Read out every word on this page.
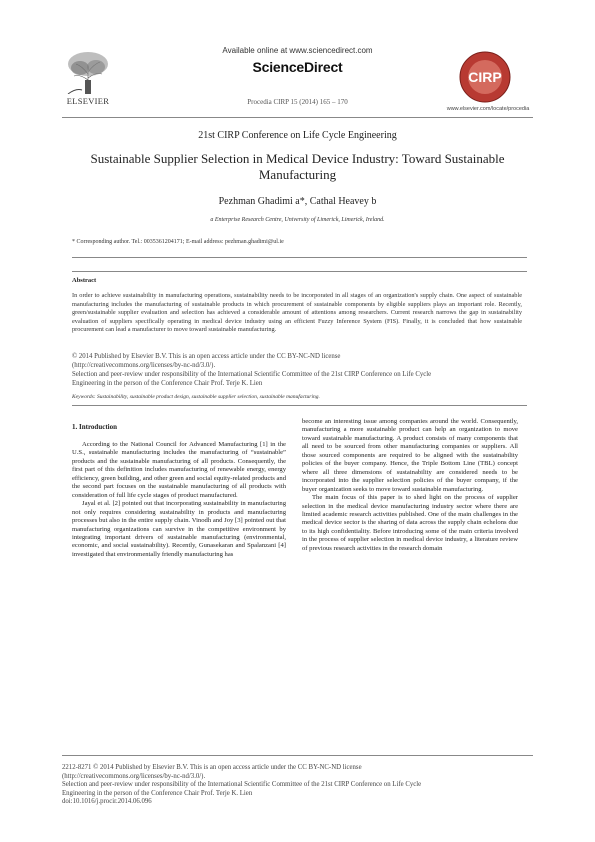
Available online at www.sciencedirect.com
ScienceDirect
Procedia CIRP 15 (2014) 165 – 170
ELSEVIER
CIRP
www.elsevier.com/locate/procedia
21st CIRP Conference on Life Cycle Engineering
Sustainable Supplier Selection in Medical Device Industry: Toward Sustainable Manufacturing
Pezhman Ghadimi a*, Cathal Heavey b
a Enterprise Research Centre, University of Limerick, Limerick, Ireland.
* Corresponding author. Tel.: 00353612041​71; E-mail address: pezhman.ghadimi@ul.ie
Abstract
In order to achieve sustainability in manufacturing operations, sustainability needs to be incorporated in all stages of an organization's supply chain. One aspect of sustainable manufacturing includes the manufacturing of sustainable products in which procurement of sustainable components by eligible suppliers plays an important role. Recently, green/sustainable supplier evaluation and selection has achieved a considerable amount of attentions among researchers. Current research narrows the gap in sustainability evaluation of suppliers specifically operating in medical device industry using an efficient Fuzzy Inference System (FIS). Finally, it is concluded that how sustainable procurement can lead a manufacturer to move toward sustainable manufacturing.
© 2014 Published by Elsevier B.V. This is an open access article under the CC BY-NC-ND license
(http://creativecommons.org/licenses/by-nc-nd/3.0/).
Selection and peer-review under responsibility of the International Scientific Committee of the 21st CIRP Conference on Life Cycle
Engineering in the person of the Conference Chair Prof. Terje K. Lien
Keywords: Sustainability, sustainable product design, sustainable supplier selection, sustainable manufacturing.
1. Introduction

According to the National Council for Advanced Manufacturing [1] in the U.S., sustainable manufacturing includes the manufacturing of “sustainable” products and the sustainable manufacturing of all products. Consequently, the first part of this definition includes manufacturing of renewable energy, energy efficiency, green building, and other green and social equity-related products and the second part focuses on the sustainable manufacturing of all products with consideration of full life cycle stages of product manufactured.

Jayal et al. [2] pointed out that incorporating sustainability in manufacturing not only requires considering sustainability in products and manufacturing processes but also in the entire supply chain. Vinodh and Joy [3] pointed out that manufacturing organizations can survive in the competitive environment by integrating important drivers of sustainable manufacturing (environmental, economic, and social sustainability). Recently, Gunasekaran and Spalanzani [4] investigated that environmentally friendly manufacturing has

become an interesting issue among companies around the world. Consequently, manufacturing a more sustainable product can help an organization to move toward sustainable manufacturing. A product consists of many components that all need to be sourced from other manufacturing companies or suppliers. All those sourced components are required to be aligned with the sustainability policies of the buyer company. Hence, the Triple Bottom Line (TBL) concept where all three dimensions of sustainability are considered needs to be incorporated into the supplier selection policies of the buyer company, if the buyer organization seeks to move toward sustainable manufacturing.

The main focus of this paper is to shed light on the process of supplier selection in the medical device manufacturing industry sector where there are limited academic research activities published. One of the main challenges in the medical device sector is the sharing of data across the supply chain echelons due to its high confidentiality. Before introducing some of the main criteria involved in the process of supplier selection in medical device industry, a literature review of previous research activities in the research domain

2212-8271 © 2014 Published by Elsevier B.V. This is an open access article under the CC BY-NC-ND license
(http://creativecommons.org/licenses/by-nc-nd/3.0/).
Selection and peer-review under responsibility of the International Scientific Committee of the 21st CIRP Conference on Life Cycle
Engineering in the person of the Conference Chair Prof. Terje K. Lien
doi:10.1016/j.procir.2014.06.096
